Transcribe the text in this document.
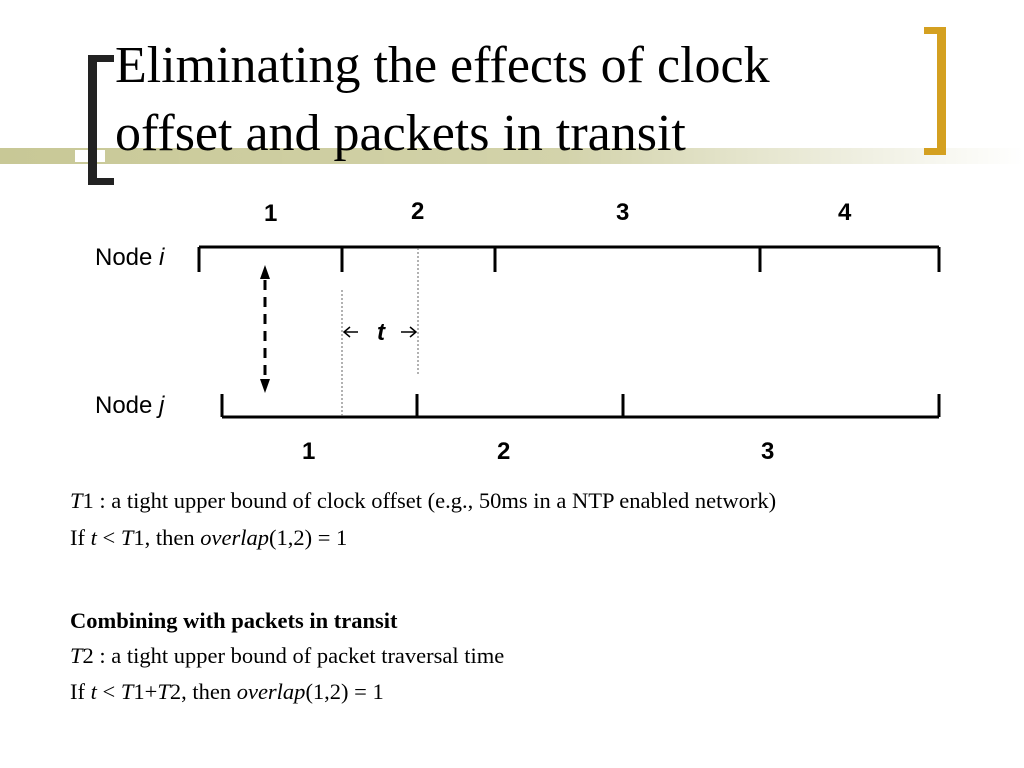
t
Node i
Node j
1	2	3	4
1	2	3
Eliminating the effects of clock
offset and packets in transit
T1 : a tight upper bound of clock offset (e.g., 50ms in a NTP enabled network)
If t < T1, then overlap(1,2) = 1
Combining with packets in transit
T2 : a tight upper bound of packet traversal time
If t < T1+T2, then overlap(1,2) = 1
